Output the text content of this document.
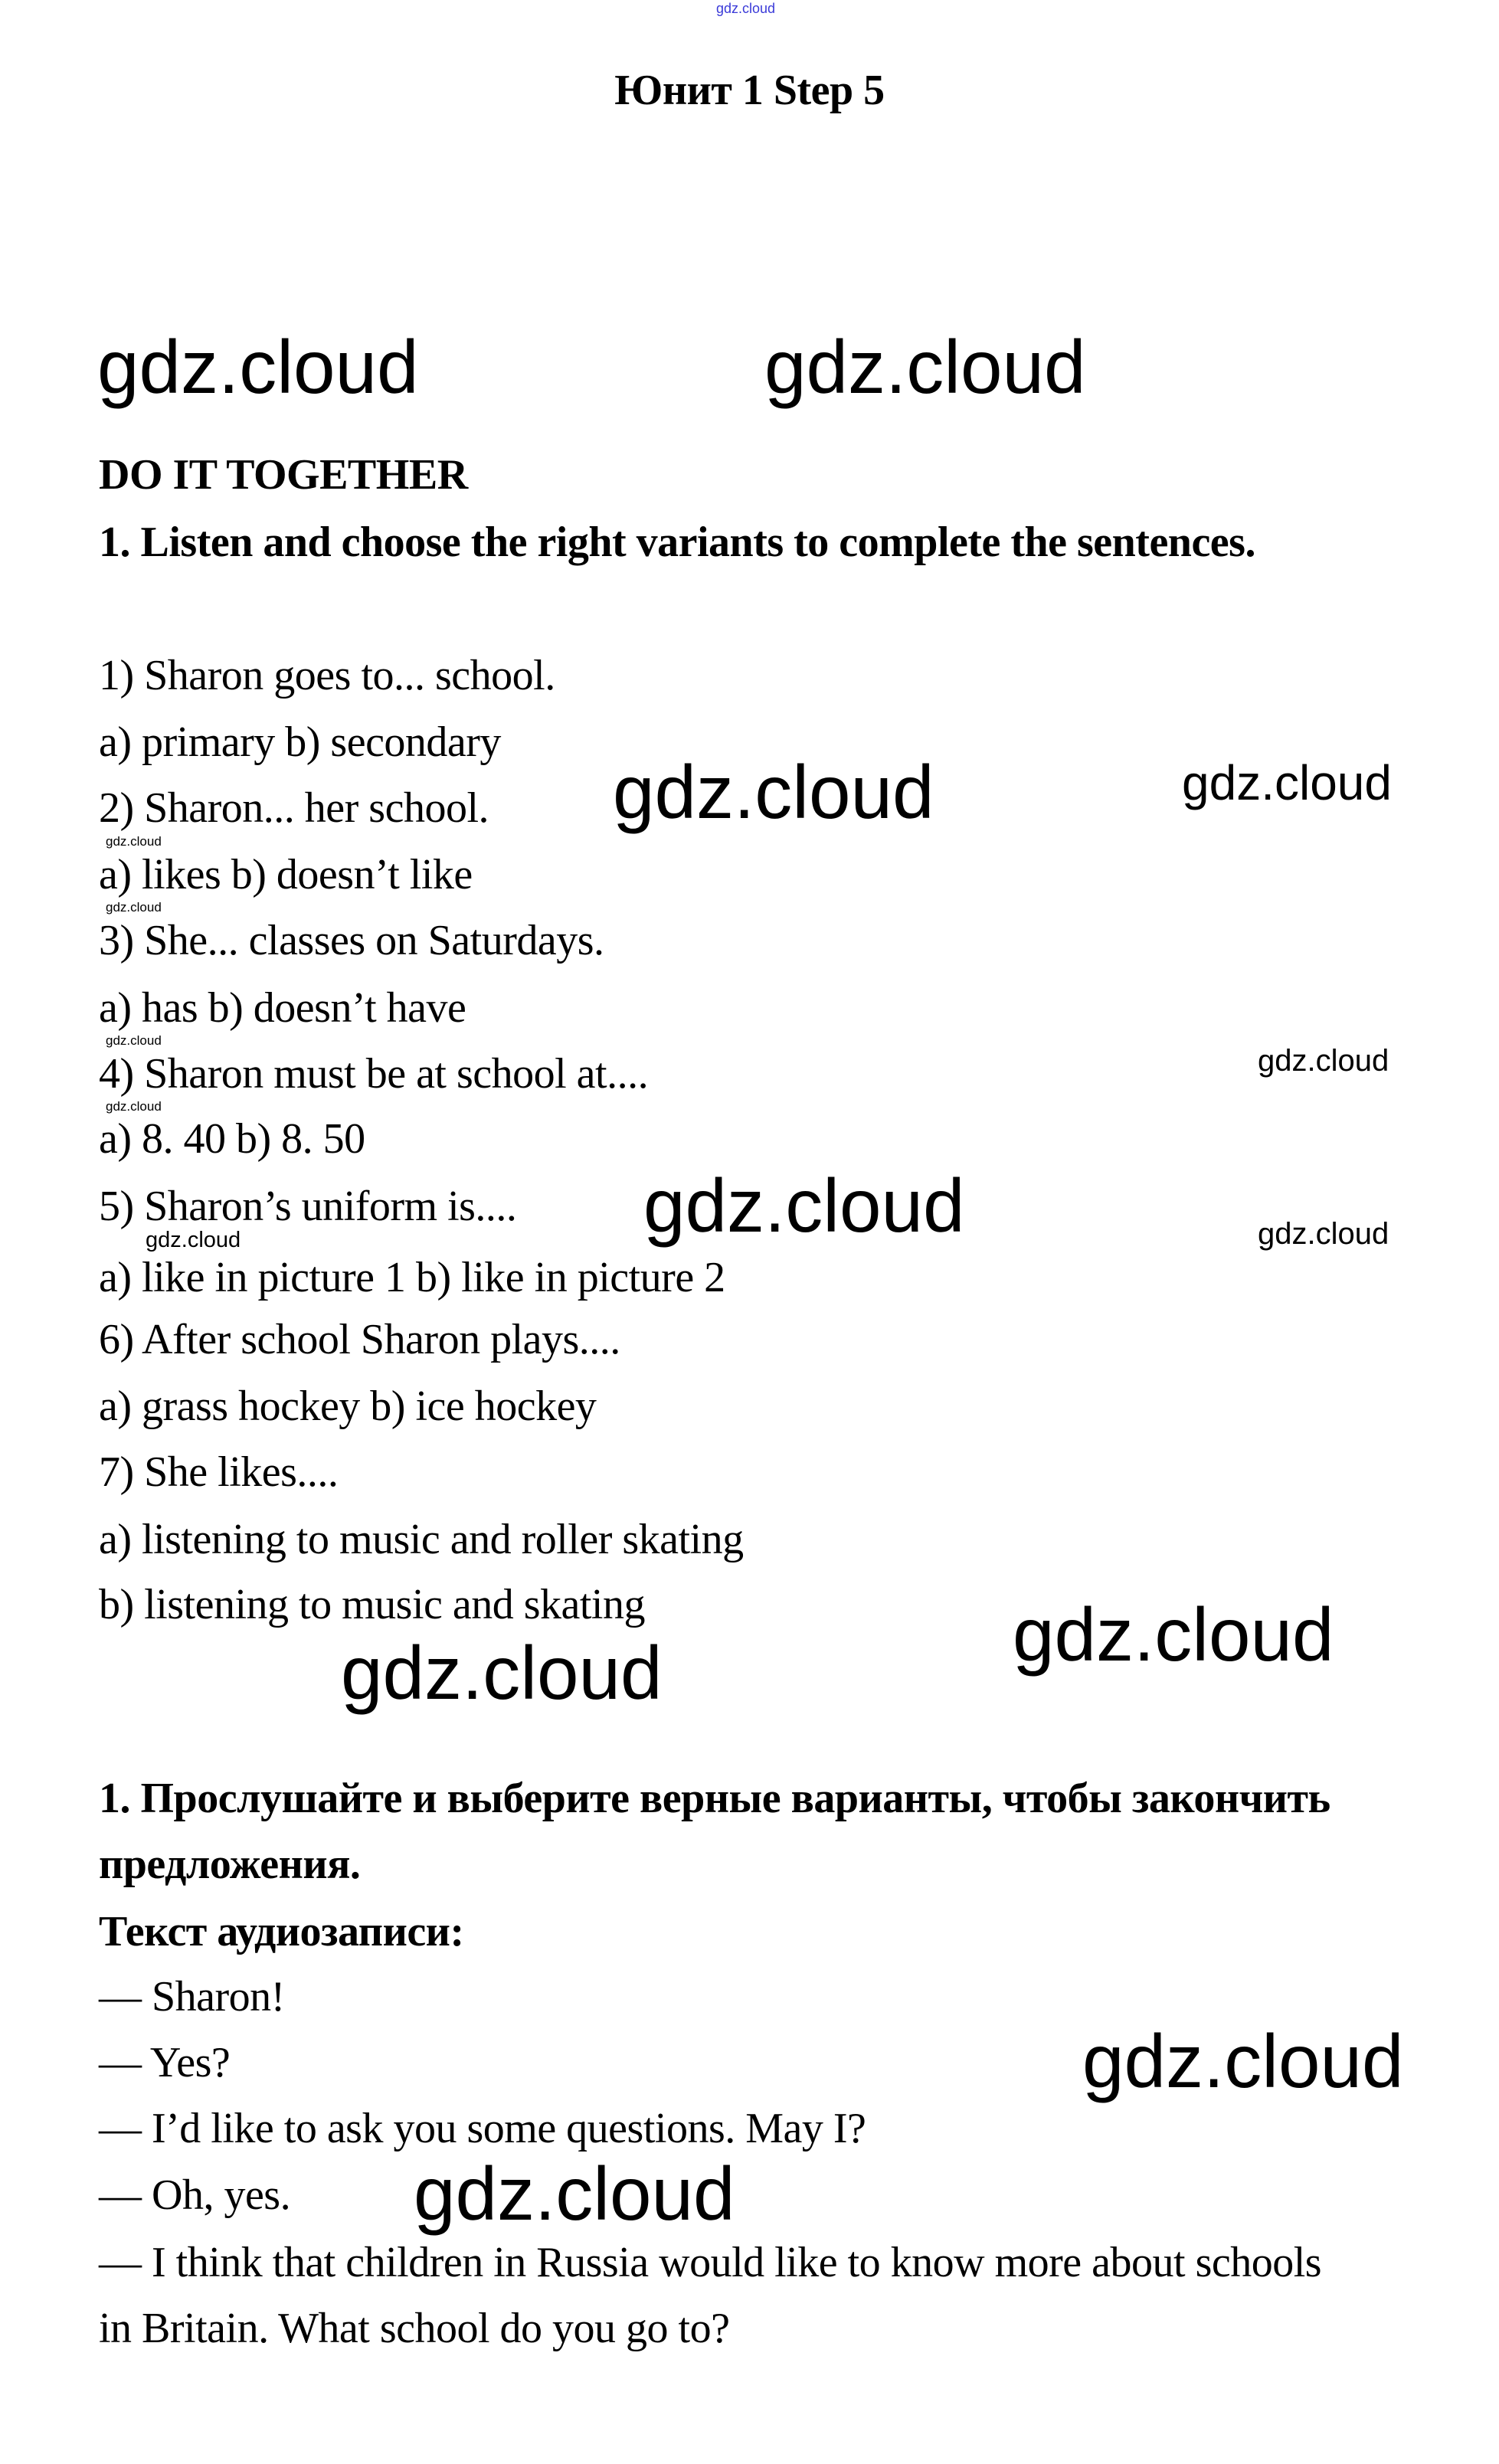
gdz.cloud
Юнит 1 Step 5
DO IT TOGETHER
1. Listen and choose the right variants to complete the sentences.
1) Sharon goes to... school.
a) primary b) secondary
2) Sharon... her school.
a) likes b) doesn’t like
3) She... classes on Saturdays.
a) has b) doesn’t have
4) Sharon must be at school at....
a) 8. 40 b) 8. 50
5) Sharon’s uniform is....
a) like in picture 1 b) like in picture 2
6) After school Sharon plays....
a) grass hockey b) ice hockey
7) She likes....
a) listening to music and roller skating
b) listening to music and skating
1. Прослушайте и выберите верные варианты, чтобы закончить
предложения.
Текст аудиозаписи:
— Sharon!
— Yes?
— I’d like to ask you some questions. May I?
— Oh, yes.
— I think that children in Russia would like to know more about schools
in Britain. What school do you go to?
gdz.cloud	gdz.cloud
gdz.cloud	gdz.cloud
gdz.cloud
gdz.cloud
gdz.cloud
gdz.cloud
gdz.cloud
gdz.cloud
gdz.cloud
gdz.cloud
gdz.cloud	gdz.cloud
gdz.cloud
gdz.cloud
